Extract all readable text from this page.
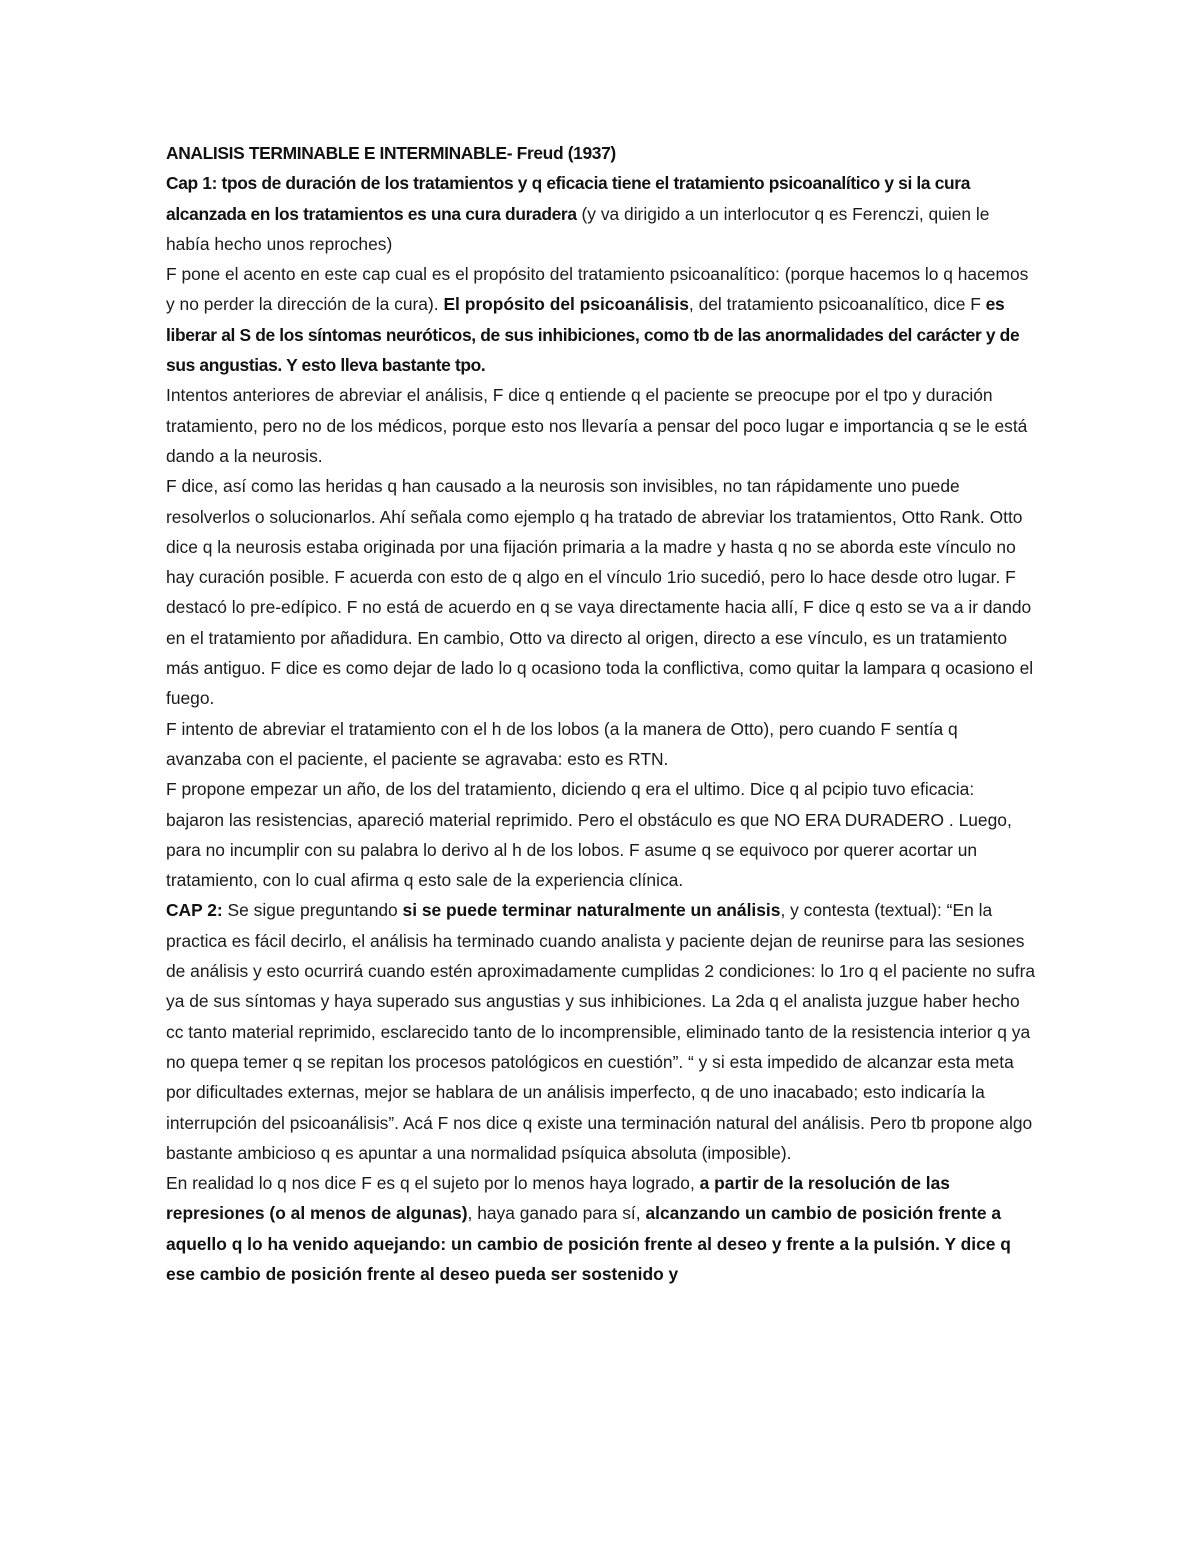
ANALISIS TERMINABLE E INTERMINABLE- Freud (1937)

Cap 1: tpos de duración de los tratamientos y q eficacia tiene el tratamiento psicoanalítico y si la cura alcanzada en los tratamientos es una cura duradera (y va dirigido a un interlocutor q es Ferenczi, quien le había hecho unos reproches)

F pone el acento en este cap cual es el propósito del tratamiento psicoanalítico: (porque hacemos lo q hacemos y no perder la dirección de la cura). El propósito del psicoanálisis, del tratamiento psicoanalítico, dice F es liberar al S de los síntomas neuróticos, de sus inhibiciones, como tb de las anormalidades del carácter y de sus angustias. Y esto lleva bastante tpo.

Intentos anteriores de abreviar el análisis, F dice q entiende q el paciente se preocupe por el tpo y duración tratamiento, pero no de los médicos, porque esto nos llevaría a pensar del poco lugar e importancia q se le está dando a la neurosis.

F dice, así como las heridas q han causado a la neurosis son invisibles, no tan rápidamente uno puede resolverlos o solucionarlos. Ahí señala como ejemplo q ha tratado de abreviar los tratamientos, Otto Rank. Otto dice q la neurosis estaba originada por una fijación primaria a la madre y hasta q no se aborda este vínculo no hay curación posible. F acuerda con esto de q algo en el vínculo 1rio sucedió, pero lo hace desde otro lugar. F destacó lo pre-edípico. F no está de acuerdo en q se vaya directamente hacia allí, F dice q esto se va a ir dando en el tratamiento por añadidura. En cambio, Otto va directo al origen, directo a ese vínculo, es un tratamiento más antiguo. F dice es como dejar de lado lo q ocasiono toda la conflictiva, como quitar la lampara q ocasiono el fuego.

F intento de abreviar el tratamiento con el h de los lobos (a la manera de Otto), pero cuando F sentía q avanzaba con el paciente, el paciente se agravaba: esto es RTN.

F propone empezar un año, de los del tratamiento, diciendo q era el ultimo. Dice q al pcipio tuvo eficacia: bajaron las resistencias, apareció material reprimido. Pero el obstáculo es que NO ERA DURADERO . Luego, para no incumplir con su palabra lo derivo al h de los lobos. F asume q se equivoco por querer acortar un tratamiento, con lo cual afirma q esto sale de la experiencia clínica.

CAP 2: Se sigue preguntando si se puede terminar naturalmente un análisis, y contesta (textual): “En la practica es fácil decirlo, el análisis ha terminado cuando analista y paciente dejan de reunirse para las sesiones de análisis y esto ocurrirá cuando estén aproximadamente cumplidas 2 condiciones: lo 1ro q el paciente no sufra ya de sus síntomas y haya superado sus angustias y sus inhibiciones. La 2da q el analista juzgue haber hecho cc tanto material reprimido, esclarecido tanto de lo incomprensible, eliminado tanto de la resistencia interior q ya no quepa temer q se repitan los procesos patológicos en cuestión”. “ y si esta impedido de alcanzar esta meta por dificultades externas, mejor se hablara de un análisis imperfecto, q de uno inacabado; esto indicaría la interrupción del psicoanálisis”. Acá F nos dice q existe una terminación natural del análisis. Pero tb propone algo bastante ambicioso q es apuntar a una normalidad psíquica absoluta (imposible).

En realidad lo q nos dice F es q el sujeto por lo menos haya logrado, a partir de la resolución de las represiones (o al menos de algunas), haya ganado para sí, alcanzando un cambio de posición frente a aquello q lo ha venido aquejando: un cambio de posición frente al deseo y frente a la pulsión. Y dice q ese cambio de posición frente al deseo pueda ser sostenido y
